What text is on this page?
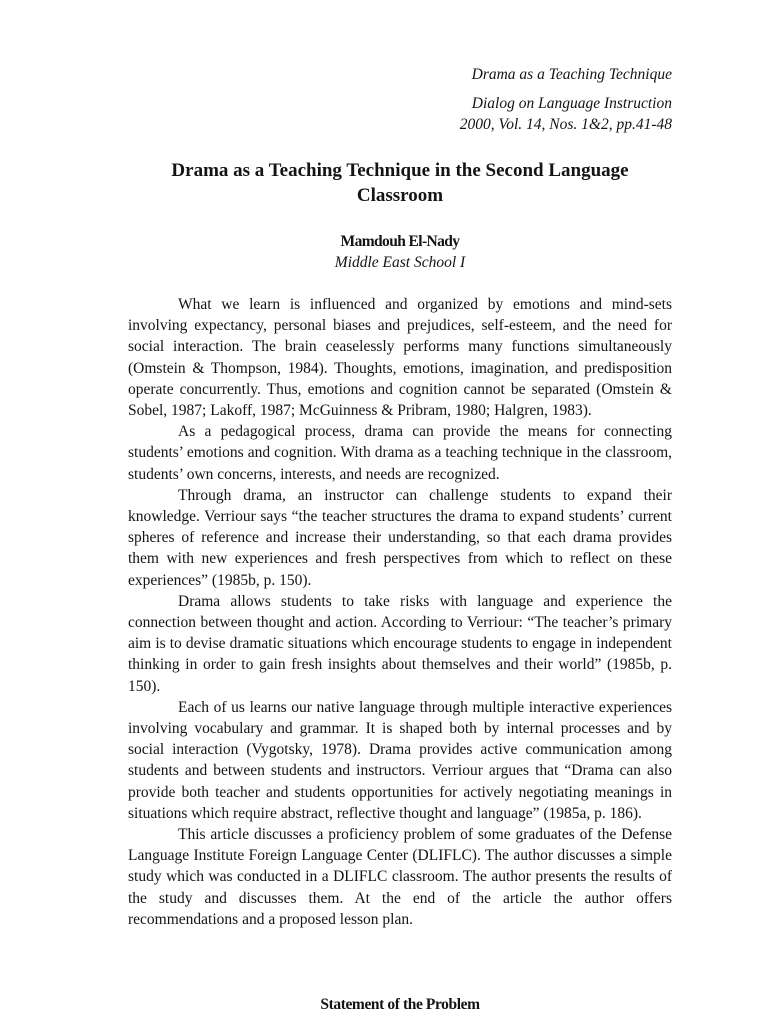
Drama as a Teaching Technique
Dialog on Language Instruction
2000, Vol. 14, Nos. 1&2, pp.41-48
Drama as a Teaching Technique in the Second Language Classroom
Mamdouh El-Nady
Middle East School I

What we learn is influenced and organized by emotions and mind-sets involving expectancy, personal biases and prejudices, self-esteem, and the need for social interaction. The brain ceaselessly performs many functions simultaneously (Omstein & Thompson, 1984). Thoughts, emotions, imagination, and predisposition operate concurrently. Thus, emotions and cognition cannot be separated (Omstein & Sobel, 1987; Lakoff, 1987; McGuinness & Pribram, 1980; Halgren, 1983).

As a pedagogical process, drama can provide the means for connecting students’ emotions and cognition. With drama as a teaching technique in the classroom, students’ own concerns, interests, and needs are recognized.

Through drama, an instructor can challenge students to expand their knowledge. Verriour says “the teacher structures the drama to expand students’ current spheres of reference and increase their understanding, so that each drama provides them with new experiences and fresh perspectives from which to reflect on these experiences” (1985b, p. 150).

Drama allows students to take risks with language and experience the connection between thought and action. According to Verriour: “The teacher’s primary aim is to devise dramatic situations which encourage students to engage in independent thinking in order to gain fresh insights about themselves and their world” (1985b, p. 150).

Each of us learns our native language through multiple interactive experiences involving vocabulary and grammar. It is shaped both by internal processes and by social interaction (Vygotsky, 1978). Drama provides active communication among students and between students and instructors. Verriour argues that “Drama can also provide both teacher and students opportunities for actively negotiating meanings in situations which require abstract, reflective thought and language” (1985a, p. 186).

This article discusses a proficiency problem of some graduates of the Defense Language Institute Foreign Language Center (DLIFLC). The author discusses a simple study which was conducted in a DLIFLC classroom. The author presents the results of the study and discusses them. At the end of the article the author offers recommendations and a proposed lesson plan.

Statement of the Problem
